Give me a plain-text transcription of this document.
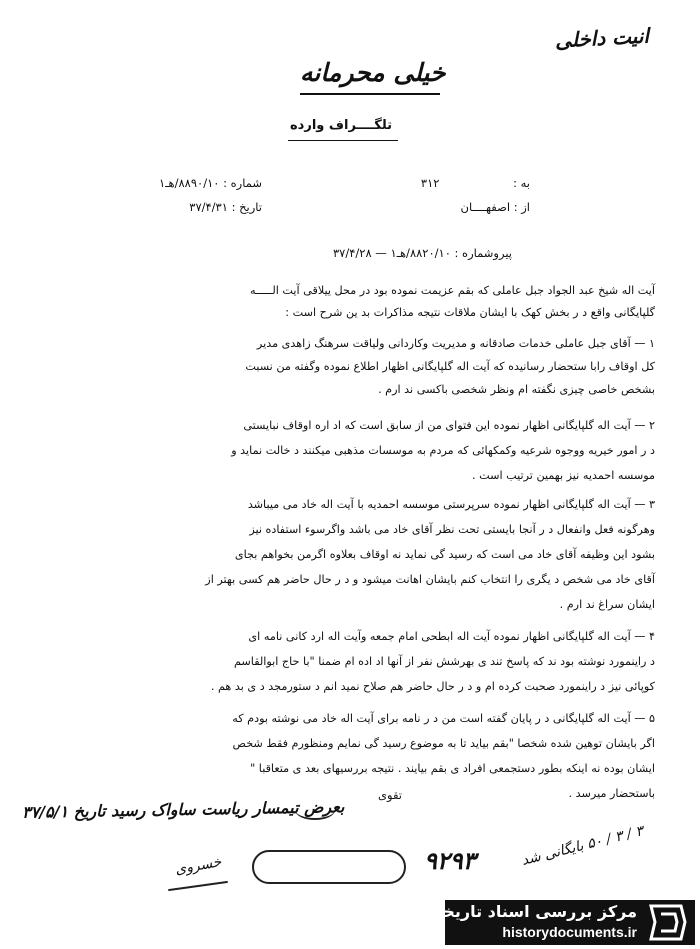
انیت داخلی
خیلی محرمانه
تلگــــراف وارده
به : ۳۱۲
از : اصفهــــان
شماره : ۸۸۹۰/۱۰/هـ۱
تاریخ : ۳۷/۴/۳۱
پیروشماره : ۸۸۲۰/۱۰/هـ۱ — ۳۷/۴/۲۸
آیت اله شیخ عبد الجواد جبل عاملی که بقم عزیمت نموده بود در محل ییلاقی آیت الـــــه
گلپایگانی واقع د ر بخش کهک با ایشان ملاقات نتیجه مذاکرات بد ین شرح است :
۱ — آقای جبل عاملی خدمات صادقانه و مدیریت وکاردانی ولیاقت سرهنگ زاهدی مدیر
کل اوقاف رابا ستحضار رسانیده که آیت اله گلپایگانی اظهار اطلاع نموده وگفته من نسبت
بشخص خاصی چیزی نگفته ام ونظر شخصی باکسی ند ارم .
۲ — آیت اله گلپایگانی اظهار نموده این فتوای من از سابق است که اد اره اوقاف نبایستی
د ر امور خیریه ووجوه شرعیه وکمکهائی که مردم به موسسات مذهبی میکنند د خالت نماید و
موسسه احمدیه نیز بهمین ترتیب است .
۳ — آیت اله گلپایگانی اظهار نموده سرپرستی موسسه احمدیه با آیت اله خاد می میباشد
وهرگونه فعل وانفعال د ر آنجا بایستی تحت نظر آقای خاد می باشد واگرسوء استفاده نیز
بشود این وظیفه آقای خاد می است که رسید گی نماید نه اوقاف بعلاوه اگرمن بخواهم بجای
آقای خاد می شخص د یگری را انتخاب کنم بایشان اهانت میشود و د ر حال حاضر هم کسی بهتر از
ایشان سراغ ند ارم .
۴ — آیت اله گلپایگانی اظهار نموده آیت اله ابطحی امام جمعه وآیت اله ارد کانی نامه ای
د راینمورد نوشته بود ند که پاسخ تند ی بهرشش نفر از آنها اد اده ام ضمنا "با حاج ابوالقاسم
کوپائی نیز د راینمورد صحبت کرده ام و د ر حال حاضر هم صلاح نمید انم د ستورمجد د ی بد هم .
۵ — آیت اله گلپایگانی د ر پایان گفته است من د ر نامه برای آیت اله خاد می نوشته بودم که
اگر بایشان توهین شده شخصا "بقم بیاید تا به موضوع رسید گی نمایم ومنظورم فقط شخص
ایشان بوده نه اینکه بطور دستجمعی افراد ی بقم بیایند . نتیجه بررسیهای بعد ی متعاقبا "
باستحضار میرسد .
تقوی
بعرض تیمسار ریاست ساواک رسید تاریخ ۳۷/۵/۱
۹۲۹۳	۳ / ۳ / ۵۰ بایگانی شد
خسروی
مرکز بررسی اسناد تاریخی
historydocuments.ir
